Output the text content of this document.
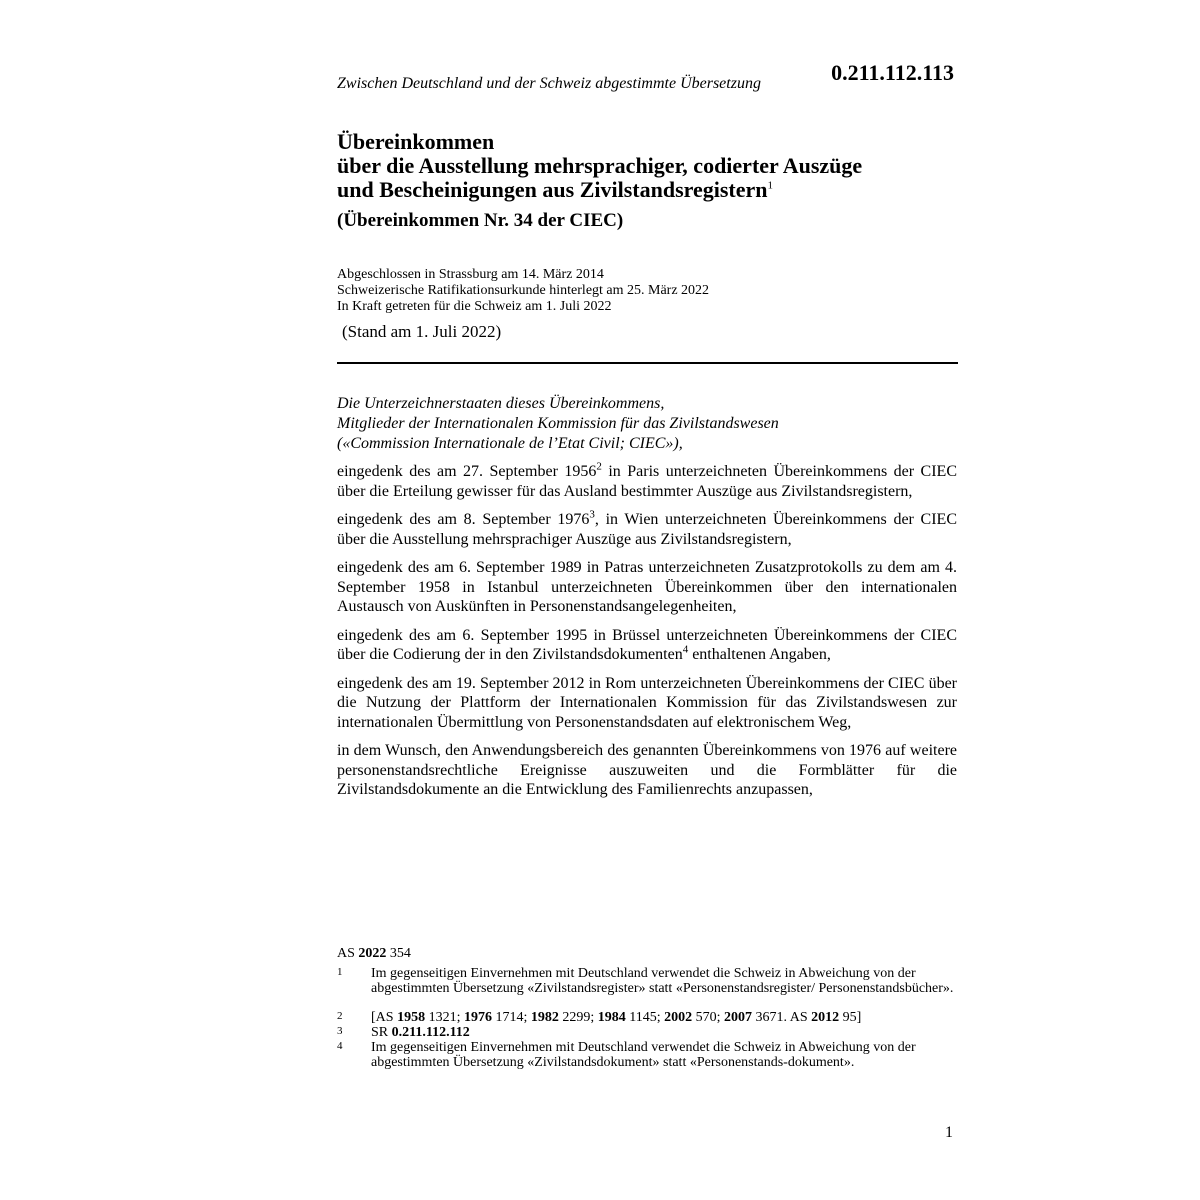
0.211.112.113
Zwischen Deutschland und der Schweiz abgestimmte Übersetzung
Übereinkommen
über die Ausstellung mehrsprachiger, codierter Auszüge
und Bescheinigungen aus Zivilstandsregistern$^1$
(Übereinkommen Nr. 34 der CIEC)
Abgeschlossen in Strassburg am 14. März 2014
Schweizerische Ratifikationsurkunde hinterlegt am 25. März 2022
In Kraft getreten für die Schweiz am 1. Juli 2022
(Stand am 1. Juli 2022)
Die Unterzeichnerstaaten dieses Übereinkommens,
Mitglieder der Internationalen Kommission für das Zivilstandswesen
(«Commission Internationale de l’Etat Civil; CIEC»),

eingedenk des am 27. September 1956$^2$ in Paris unterzeichneten Übereinkommens der CIEC über die Erteilung gewisser für das Ausland bestimmter Auszüge aus Zivilstandsregistern,

eingedenk des am 8. September 1976$^3$, in Wien unterzeichneten Übereinkommens der CIEC über die Ausstellung mehrsprachiger Auszüge aus Zivilstandsregistern,

eingedenk des am 6. September 1989 in Patras unterzeichneten Zusatzprotokolls zu dem am 4. September 1958 in Istanbul unterzeichneten Übereinkommen über den internationalen Austausch von Auskünften in Personenstandsangelegenheiten,

eingedenk des am 6. September 1995 in Brüssel unterzeichneten Übereinkommens der CIEC über die Codierung der in den Zivilstandsdokumenten$^4$ enthaltenen Angaben,

eingedenk des am 19. September 2012 in Rom unterzeichneten Übereinkommens der CIEC über die Nutzung der Plattform der Internationalen Kommission für das Zivilstandswesen zur internationalen Übermittlung von Personenstandsdaten auf elektronischem Weg,

in dem Wunsch, den Anwendungsbereich des genannten Übereinkommens von 1976 auf weitere personenstandsrechtliche Ereignisse auszuweiten und die Formblätter für die Zivilstandsdokumente an die Entwicklung des Familienrechts anzupassen,

AS 2022 354
1	Im gegenseitigen Einvernehmen mit Deutschland verwendet die Schweiz in Abweichung von der abgestimmten Übersetzung «Zivilstandsregister» statt «Personenstandsregister/ Personenstandsbücher».
2	[AS 1958 1321; 1976 1714; 1982 2299; 1984 1145; 2002 570; 2007 3671. AS 2012 95]
3	SR 0.211.112.112
4	Im gegenseitigen Einvernehmen mit Deutschland verwendet die Schweiz in Abweichung von der abgestimmten Übersetzung «Zivilstandsdokument» statt «Personenstands-dokument».
1
